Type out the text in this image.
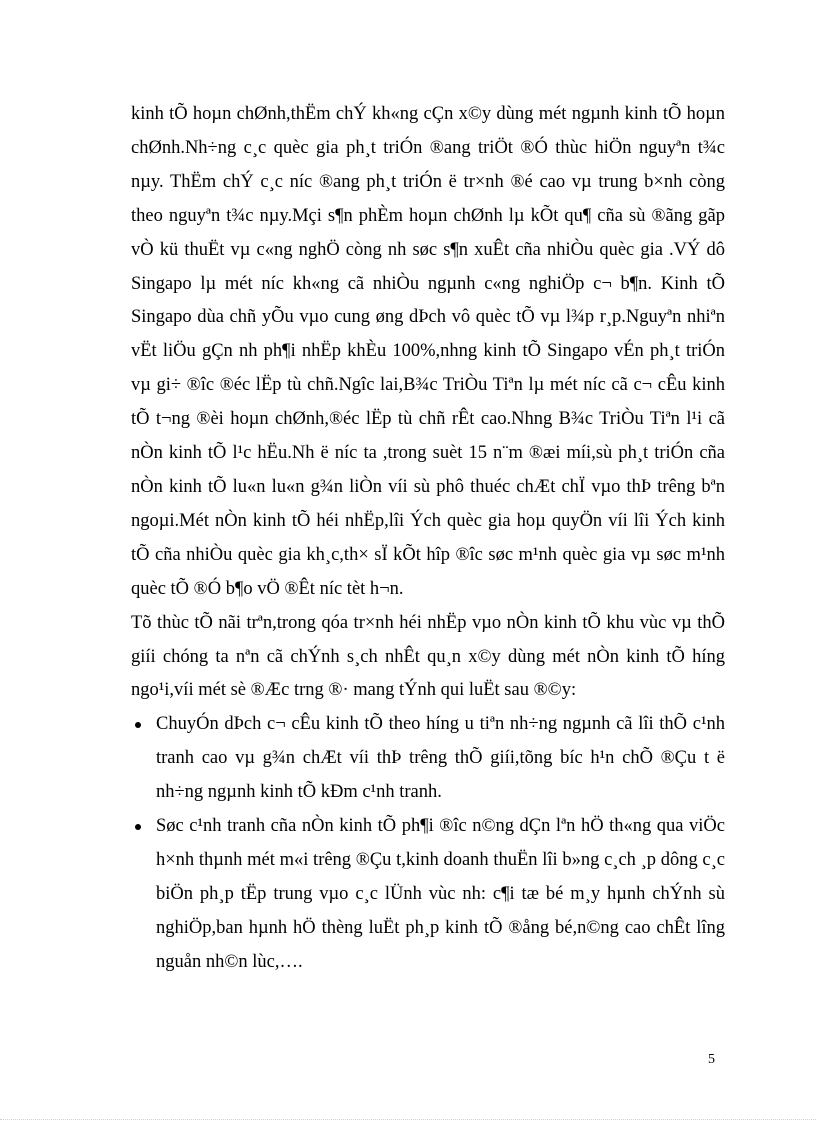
kinh tÕ hoµn chØnh,thËm chÝ kh«ng cÇn x©y dùng mét ngµnh kinh tÕ hoµn chØnh.Nh÷ng c¸c quèc gia ph¸t triÓn ®ang triÖt ®Ó thùc hiÖn nguyªn t¾c nµy. ThËm chÝ c¸c níc ®ang ph¸t triÓn ë tr×nh ®é cao vµ trung b×nh còng theo nguyªn t¾c nµy.Mçi s¶n phÈm hoµn chØnh lµ kÕt qu¶ cña sù ®ãng gãp vÒ kü thuËt vµ c«ng nghÖ còng nh søc s¶n xuÊt cña nhiÒu quèc gia .VÝ dô Singapo lµ mét níc kh«ng cã nhiÒu ngµnh c«ng nghiÖp c¬ b¶n. Kinh tÕ Singapo dùa chñ yÕu vµo cung øng dÞch vô quèc tÕ vµ l¾p r¸p.Nguyªn nhiªn vËt liÖu gÇn nh ph¶i nhËp khÈu 100%,nhng kinh tÕ Singapo vÉn ph¸t triÓn vµ gi÷ ®îc ®éc lËp tù chñ.Ngîc lai,B¾c TriÒu Tiªn lµ mét níc cã c¬ cÊu kinh tÕ t¬ng ®èi hoµn chØnh,®éc lËp tù chñ rÊt cao.Nhng B¾c TriÒu Tiªn l¹i cã nÒn kinh tÕ l¹c hËu.Nh ë níc ta ,trong suèt 15 n¨m ®æi míi,sù ph¸t triÓn cña nÒn kinh tÕ lu«n lu«n g¾n liÒn víi sù phô thuéc chÆt chÏ vµo thÞ trêng bªn ngoµi.Mét nÒn kinh tÕ héi nhËp,lîi Ých quèc gia hoµ quyÖn víi lîi Ých kinh tÕ cña nhiÒu quèc gia kh¸c,th× sÏ kÕt hîp ®îc søc m¹nh quèc gia vµ søc m¹nh quèc tÕ ®Ó b¶o vÖ ®Êt níc tèt h¬n.

Tõ thùc tÕ nãi trªn,trong qóa tr×nh héi nhËp vµo nÒn kinh tÕ khu vùc vµ thÕ giíi chóng ta nªn cã chÝnh s¸ch nhÊt qu¸n x©y dùng mét nÒn kinh tÕ híng ngo¹i,víi mét sè ®Æc trng ®· mang tÝnh qui luËt sau ®©y:

ChuyÓn dÞch c¬ cÊu kinh tÕ theo híng u tiªn nh÷ng ngµnh cã lîi thÕ c¹nh tranh cao vµ g¾n chÆt víi thÞ trêng thÕ giíi,tõng bíc h¹n chÕ ®Çu t ë nh÷ng ngµnh kinh tÕ kÐm c¹nh tranh.
Søc c¹nh tranh cña nÒn kinh tÕ ph¶i ®îc n©ng dÇn lªn hÖ th«ng qua viÖc h×nh thµnh mét m«i trêng ®Çu t,kinh doanh thuËn lîi b»ng c¸ch ¸p dông c¸c biÖn ph¸p tËp trung vµo c¸c lÜnh vùc nh: c¶i tæ bé m¸y hµnh chÝnh sù nghiÖp,ban hµnh hÖ thèng luËt ph¸p kinh tÕ ®ång bé,n©ng cao chÊt lîng nguån nh©n lùc,….
5
